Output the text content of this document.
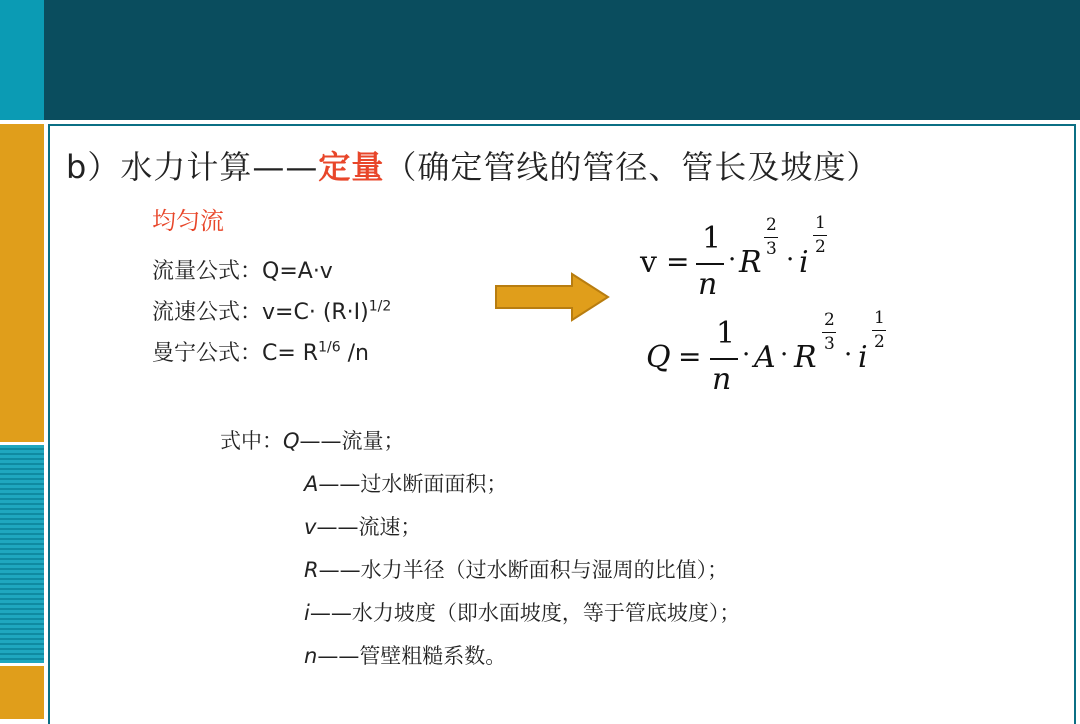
b）水力计算——定量（确定管线的管径、管长及坡度）
均匀流
流量公式：Q=A·v
流速公式：$v=C\cdot (R\cdot I)^{1/2}$
曼宁公式：$C= R^{1/6}$ /n
v =
1
n
· R
2
3 · i
1
2
Q =
1
n
· A · R
2
3 · i
1
2
式中：Q——流量；
A——过水断面面积；
v——流速；
R——水力半径（过水断面积与湿周的比值）；
i——水力坡度（即水面坡度，等于管底坡度）；
n——管壁粗糙系数。
